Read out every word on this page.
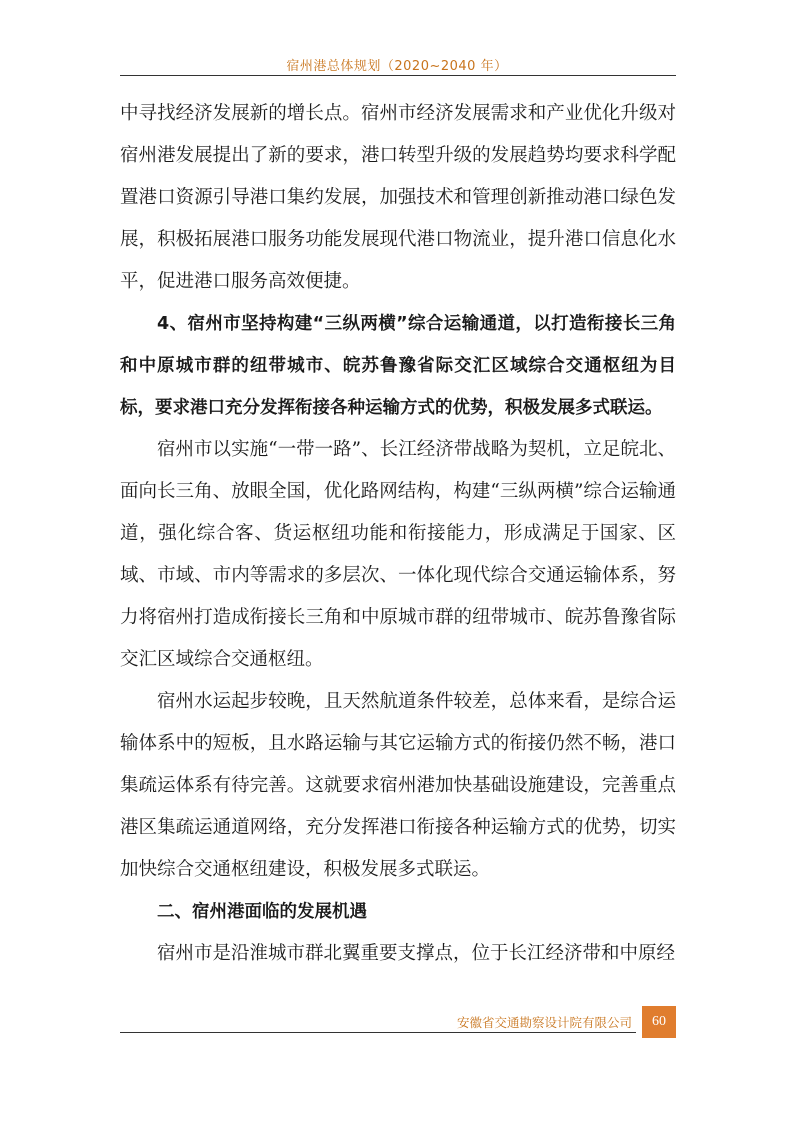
宿州港总体规划（2020~2040 年）

中寻找经济发展新的增长点。宿州市经济发展需求和产业优化升级对宿州港发展提出了新的要求，港口转型升级的发展趋势均要求科学配置港口资源引导港口集约发展，加强技术和管理创新推动港口绿色发展，积极拓展港口服务功能发展现代港口物流业，提升港口信息化水平，促进港口服务高效便捷。

4、宿州市坚持构建“三纵两横”综合运输通道，以打造衔接长三角和中原城市群的纽带城市、皖苏鲁豫省际交汇区域综合交通枢纽为目标，要求港口充分发挥衔接各种运输方式的优势，积极发展多式联运。

宿州市以实施“一带一路”、长江经济带战略为契机，立足皖北、面向长三角、放眼全国，优化路网结构，构建“三纵两横”综合运输通道，强化综合客、货运枢纽功能和衔接能力，形成满足于国家、区域、市域、市内等需求的多层次、一体化现代综合交通运输体系，努力将宿州打造成衔接长三角和中原城市群的纽带城市、皖苏鲁豫省际交汇区域综合交通枢纽。

宿州水运起步较晚，且天然航道条件较差，总体来看，是综合运输体系中的短板，且水路运输与其它运输方式的衔接仍然不畅，港口集疏运体系有待完善。这就要求宿州港加快基础设施建设，完善重点港区集疏运通道网络，充分发挥港口衔接各种运输方式的优势，切实加快综合交通枢纽建设，积极发展多式联运。

二、宿州港面临的发展机遇

宿州市是沿淮城市群北翼重要支撑点，位于长江经济带和中原经

安徽省交通勘察设计院有限公司	60
